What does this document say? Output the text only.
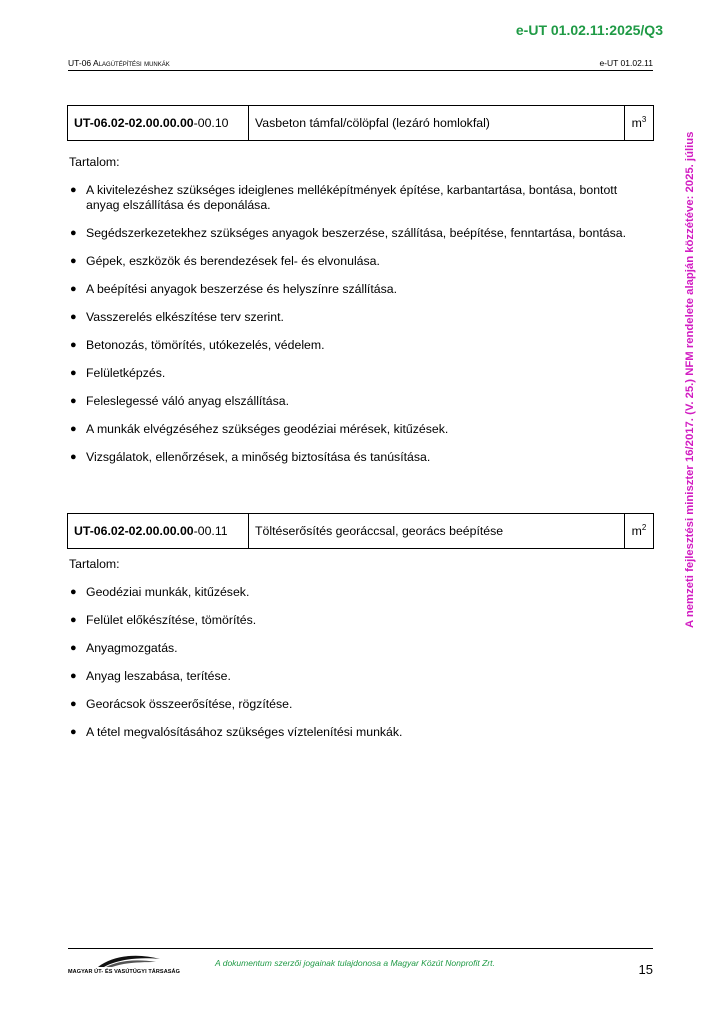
e-UT 01.02.11:2025/Q3
UT-06 Alagútépítési munkák	e-UT 01.02.11
A nemzeti fejlesztési miniszter 16/2017. (V. 25.) NFM rendelete alapján közzétéve: 2025. július
UT-06.02-02.00.00.00-00.10	Vasbeton támfal/cölöpfal (lezáró homlokfal)	$m^3$
Tartalom:
● A kivitelezéshez szükséges ideiglenes melléképítmények építése, karbantartása, bontása, bontott anyag elszállítása és deponálása.
● Segédszerkezetekhez szükséges anyagok beszerzése, szállítása, beépítése, fenntartása, bontása.
● Gépek, eszközök és berendezések fel- és elvonulása.
● A beépítési anyagok beszerzése és helyszínre szállítása.
● Vasszerelés elkészítése terv szerint.
● Betonozás, tömörítés, utókezelés, védelem.
● Felületképzés.
● Feleslegessé váló anyag elszállítása.
● A munkák elvégzéséhez szükséges geodéziai mérések, kitűzések.
● Vizsgálatok, ellenőrzések, a minőség biztosítása és tanúsítása.
UT-06.02-02.00.00.00-00.11	Töltéserősítés georáccsal, georács beépítése	$m^2$
Tartalom:
● Geodéziai munkák, kitűzések.
● Felület előkészítése, tömörítés.
● Anyagmozgatás.
● Anyag leszabása, terítése.
● Georácsok összeerősítése, rögzítése.
● A tétel megvalósításához szükséges víztelenítési munkák.
MAGYAR ÚT- ÉS VASÚTÜGYI TÁRSASÁG
A dokumentum szerzői jogainak tulajdonosa a Magyar Közút Nonprofit Zrt.	15
